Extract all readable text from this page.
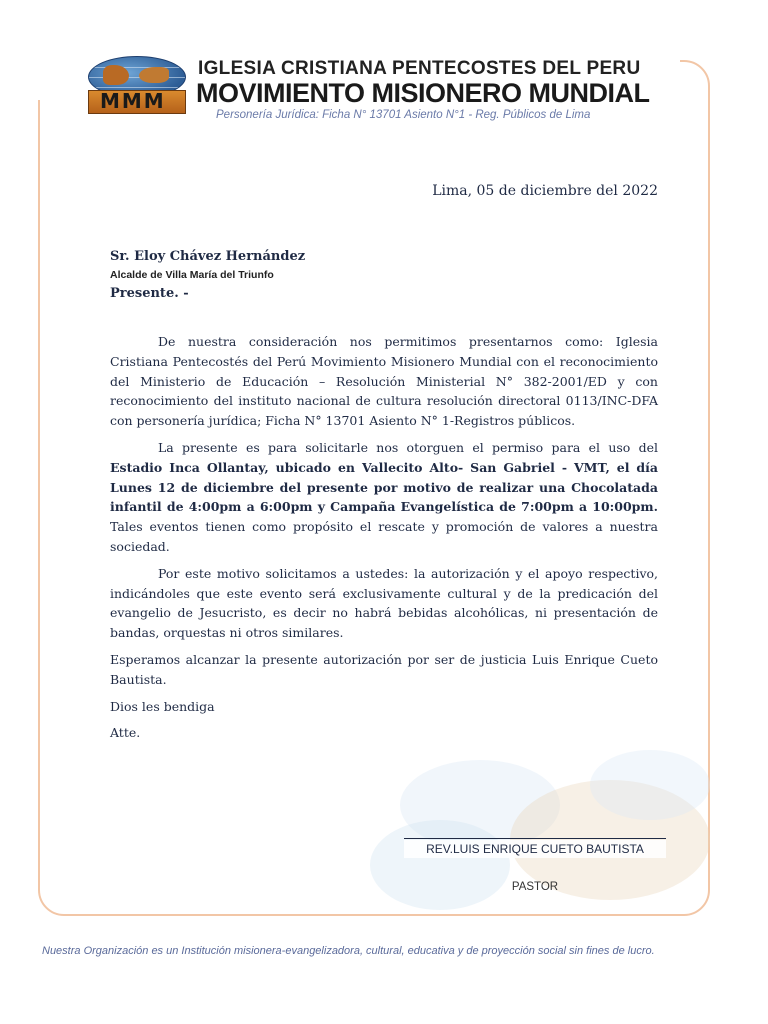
MMM
IGLESIA CRISTIANA PENTECOSTES DEL PERU
MOVIMIENTO MISIONERO MUNDIAL
Personería Jurídica: Ficha N° 13701 Asiento N°1 - Reg. Públicos de Lima
Lima, 05 de diciembre del 2022
Sr. Eloy Chávez Hernández
Alcalde de Villa María del Triunfo
Presente. -

De nuestra consideración nos permitimos presentarnos como: Iglesia Cristiana Pentecostés del Perú Movimiento Misionero Mundial con el reconocimiento del Ministerio de Educación – Resolución Ministerial N° 382-2001/ED y con reconocimiento del instituto nacional de cultura resolución directoral 0113/INC-DFA con personería jurídica; Ficha N° 13701 Asiento N° 1-Registros públicos.

La presente es para solicitarle nos otorguen el permiso para el uso del Estadio Inca Ollantay, ubicado en Vallecito Alto- San Gabriel - VMT, el día Lunes 12 de diciembre del presente por motivo de realizar una Chocolatada infantil de 4:00pm a 6:00pm y Campaña Evangelística de 7:00pm a 10:00pm. Tales eventos tienen como propósito el rescate y promoción de valores a nuestra sociedad.

Por este motivo solicitamos a ustedes: la autorización y el apoyo respectivo, indicándoles que este evento será exclusivamente cultural y de la predicación del evangelio de Jesucristo, es decir no habrá bebidas alcohólicas, ni presentación de bandas, orquestas ni otros similares.

Esperamos alcanzar la presente autorización por ser de justicia Luis Enrique Cueto Bautista.

Dios les bendiga

Atte.

REV.LUIS ENRIQUE CUETO BAUTISTA
PASTOR
Nuestra Organización es un Institución misionera-evangelizadora, cultural, educativa y de proyección social sin fines de lucro.
